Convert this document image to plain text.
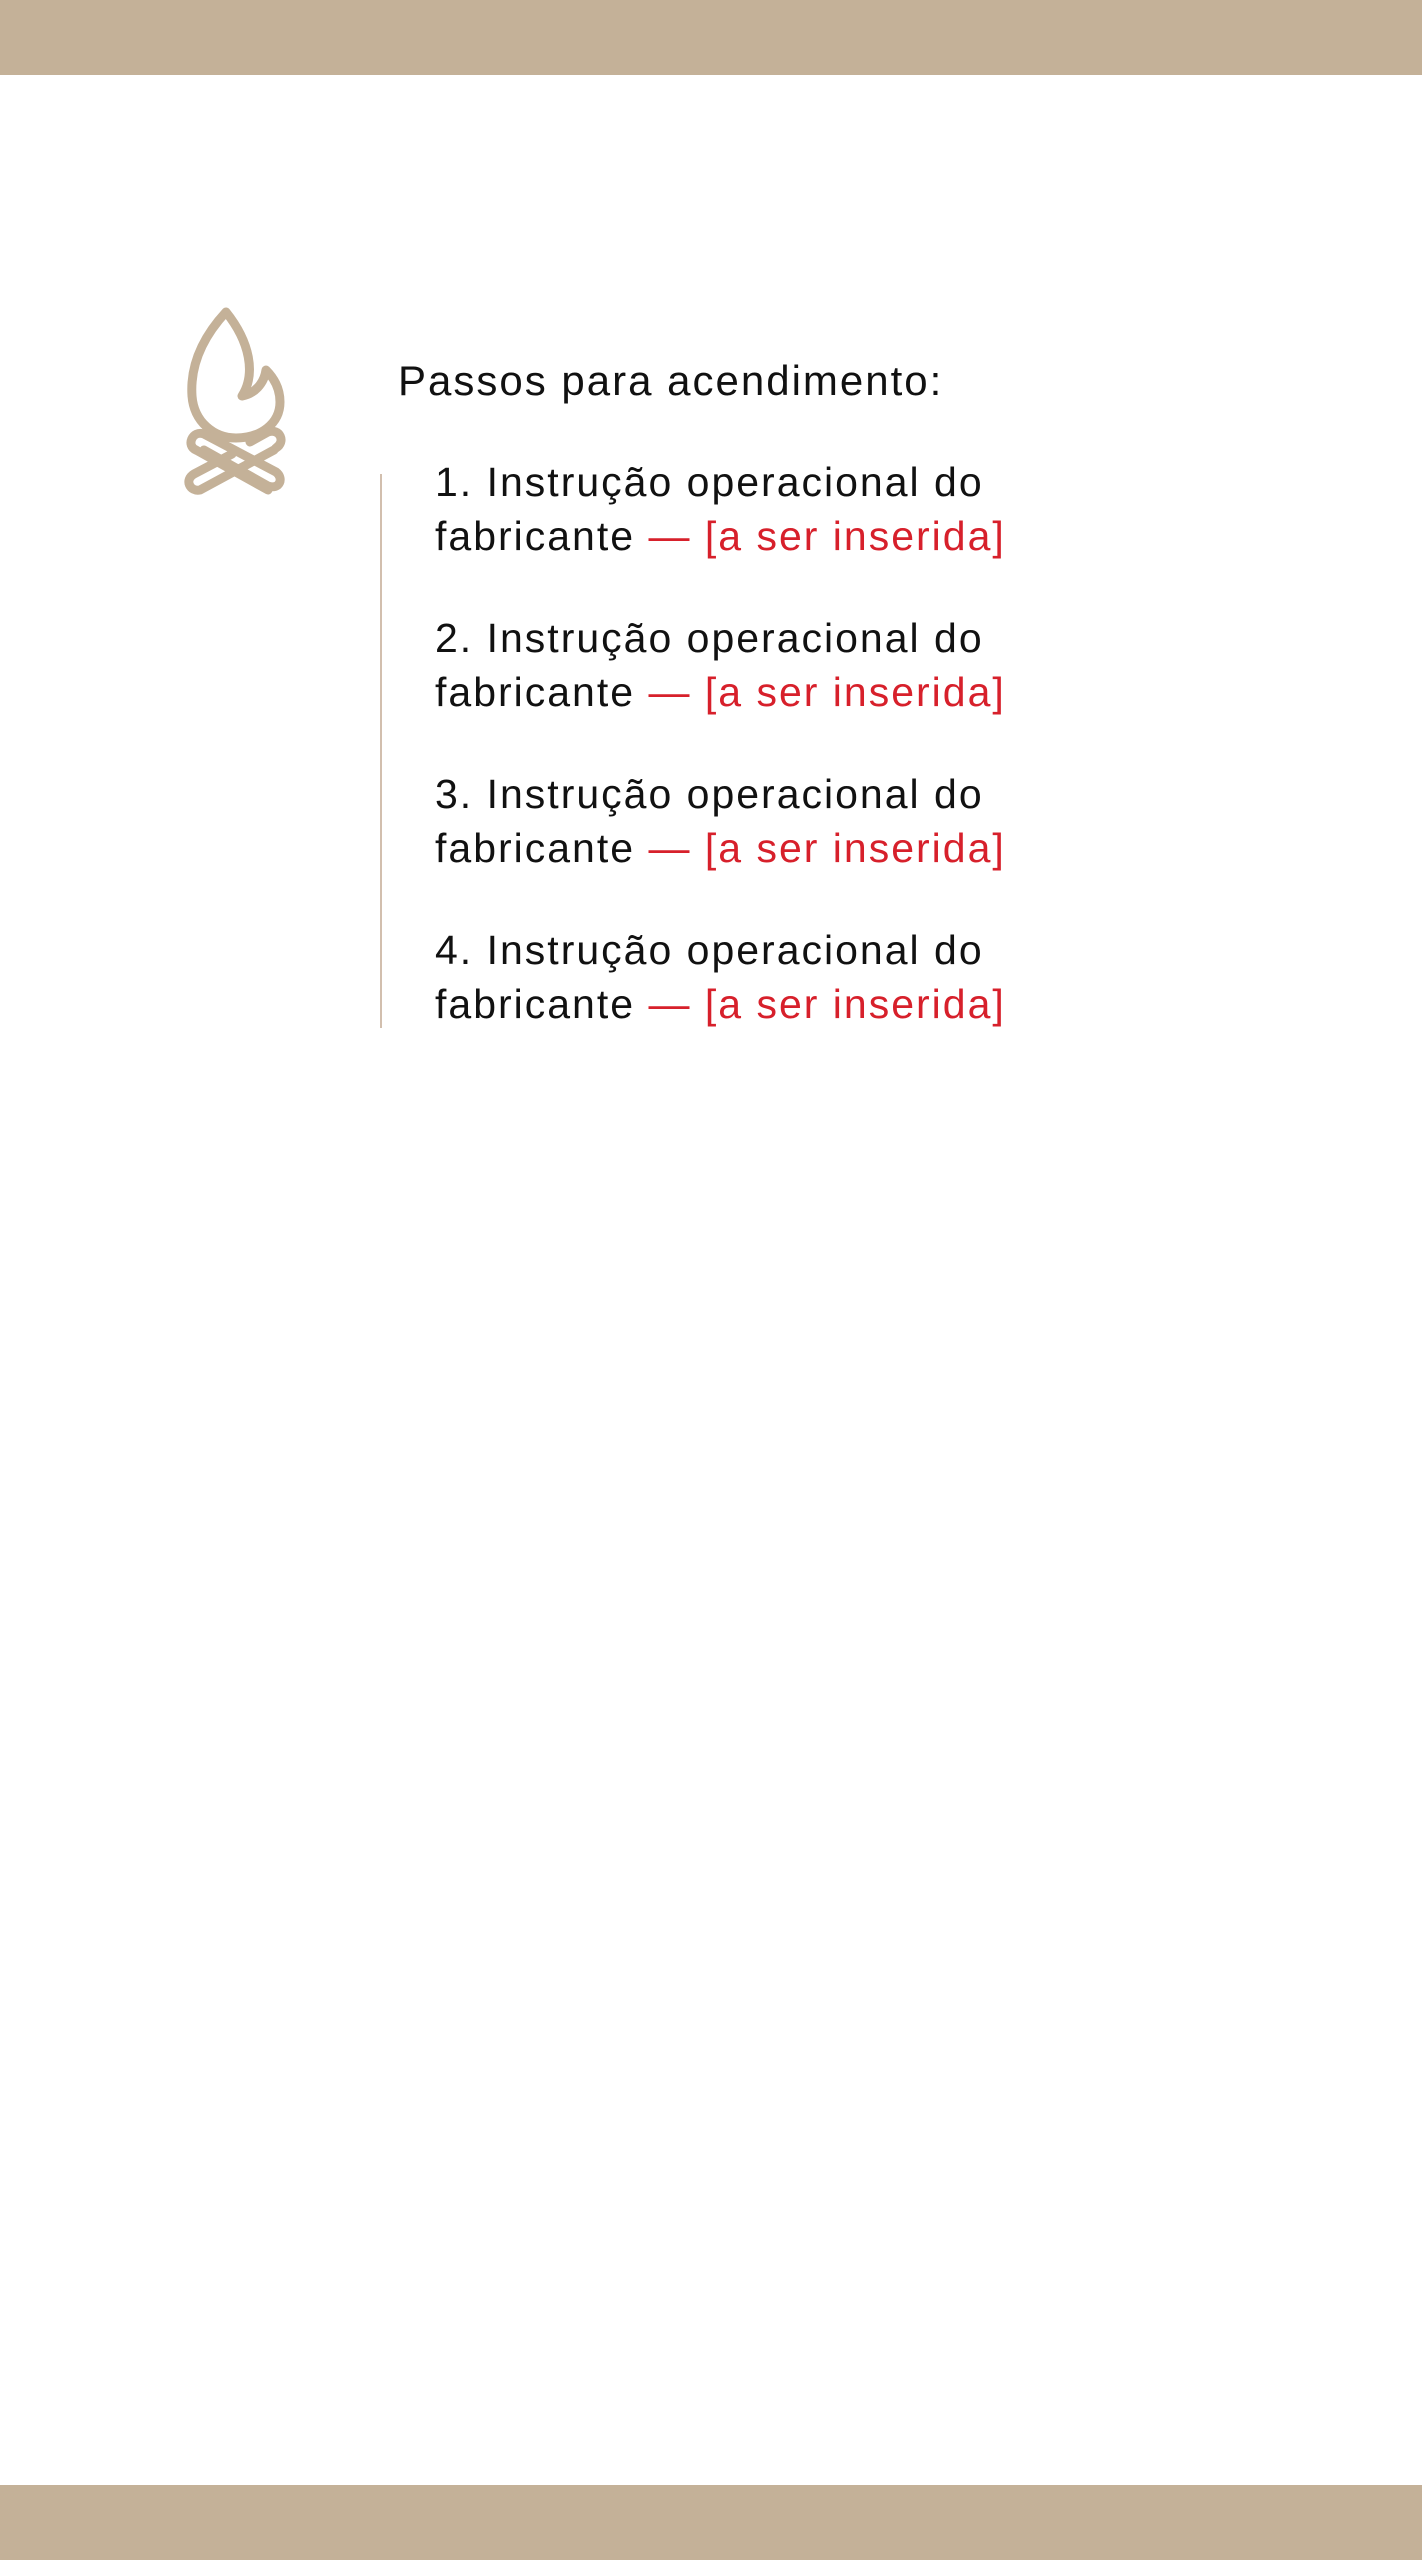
Passos para acendimento:
1. Instrução operacional do
fabricante — [a ser inserida]
2. Instrução operacional do
fabricante — [a ser inserida]
3. Instrução operacional do
fabricante — [a ser inserida]
4. Instrução operacional do
fabricante — [a ser inserida]
